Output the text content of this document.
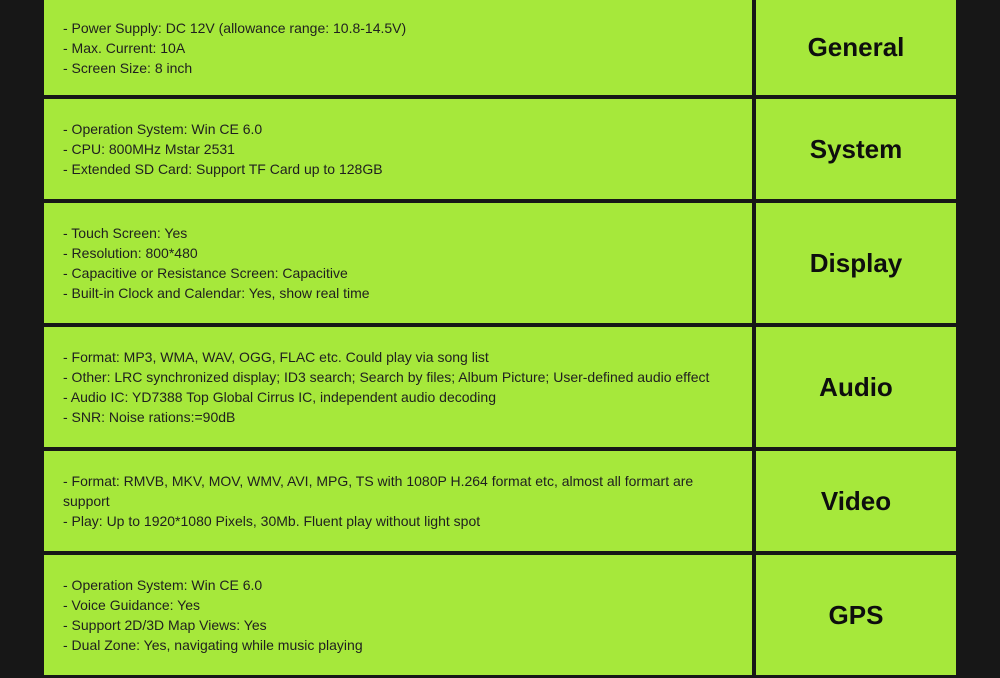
- Power Supply: DC 12V (allowance range: 10.8-14.5V)
- Max. Current: 10A
- Screen Size: 8 inch
General
- Operation System: Win CE 6.0
- CPU: 800MHz Mstar 2531
- Extended SD Card: Support TF Card up to 128GB
System
- Touch Screen: Yes
- Resolution: 800*480
- Capacitive or Resistance Screen: Capacitive
- Built-in Clock and Calendar: Yes, show real time
Display
- Format: MP3, WMA, WAV, OGG, FLAC etc. Could play via song list
- Other: LRC synchronized display; ID3 search; Search by files; Album Picture; User-defined audio effect
- Audio IC: YD7388 Top Global Cirrus IC, independent audio decoding
- SNR: Noise rations:=90dB
Audio
- Format: RMVB, MKV, MOV, WMV, AVI, MPG, TS with 1080P H.264 format etc, almost all formart are support
- Play: Up to 1920*1080 Pixels, 30Mb. Fluent play without light spot
Video
- Operation System: Win CE 6.0
- Voice Guidance: Yes
- Support 2D/3D Map Views: Yes
- Dual Zone: Yes, navigating while music playing
GPS
